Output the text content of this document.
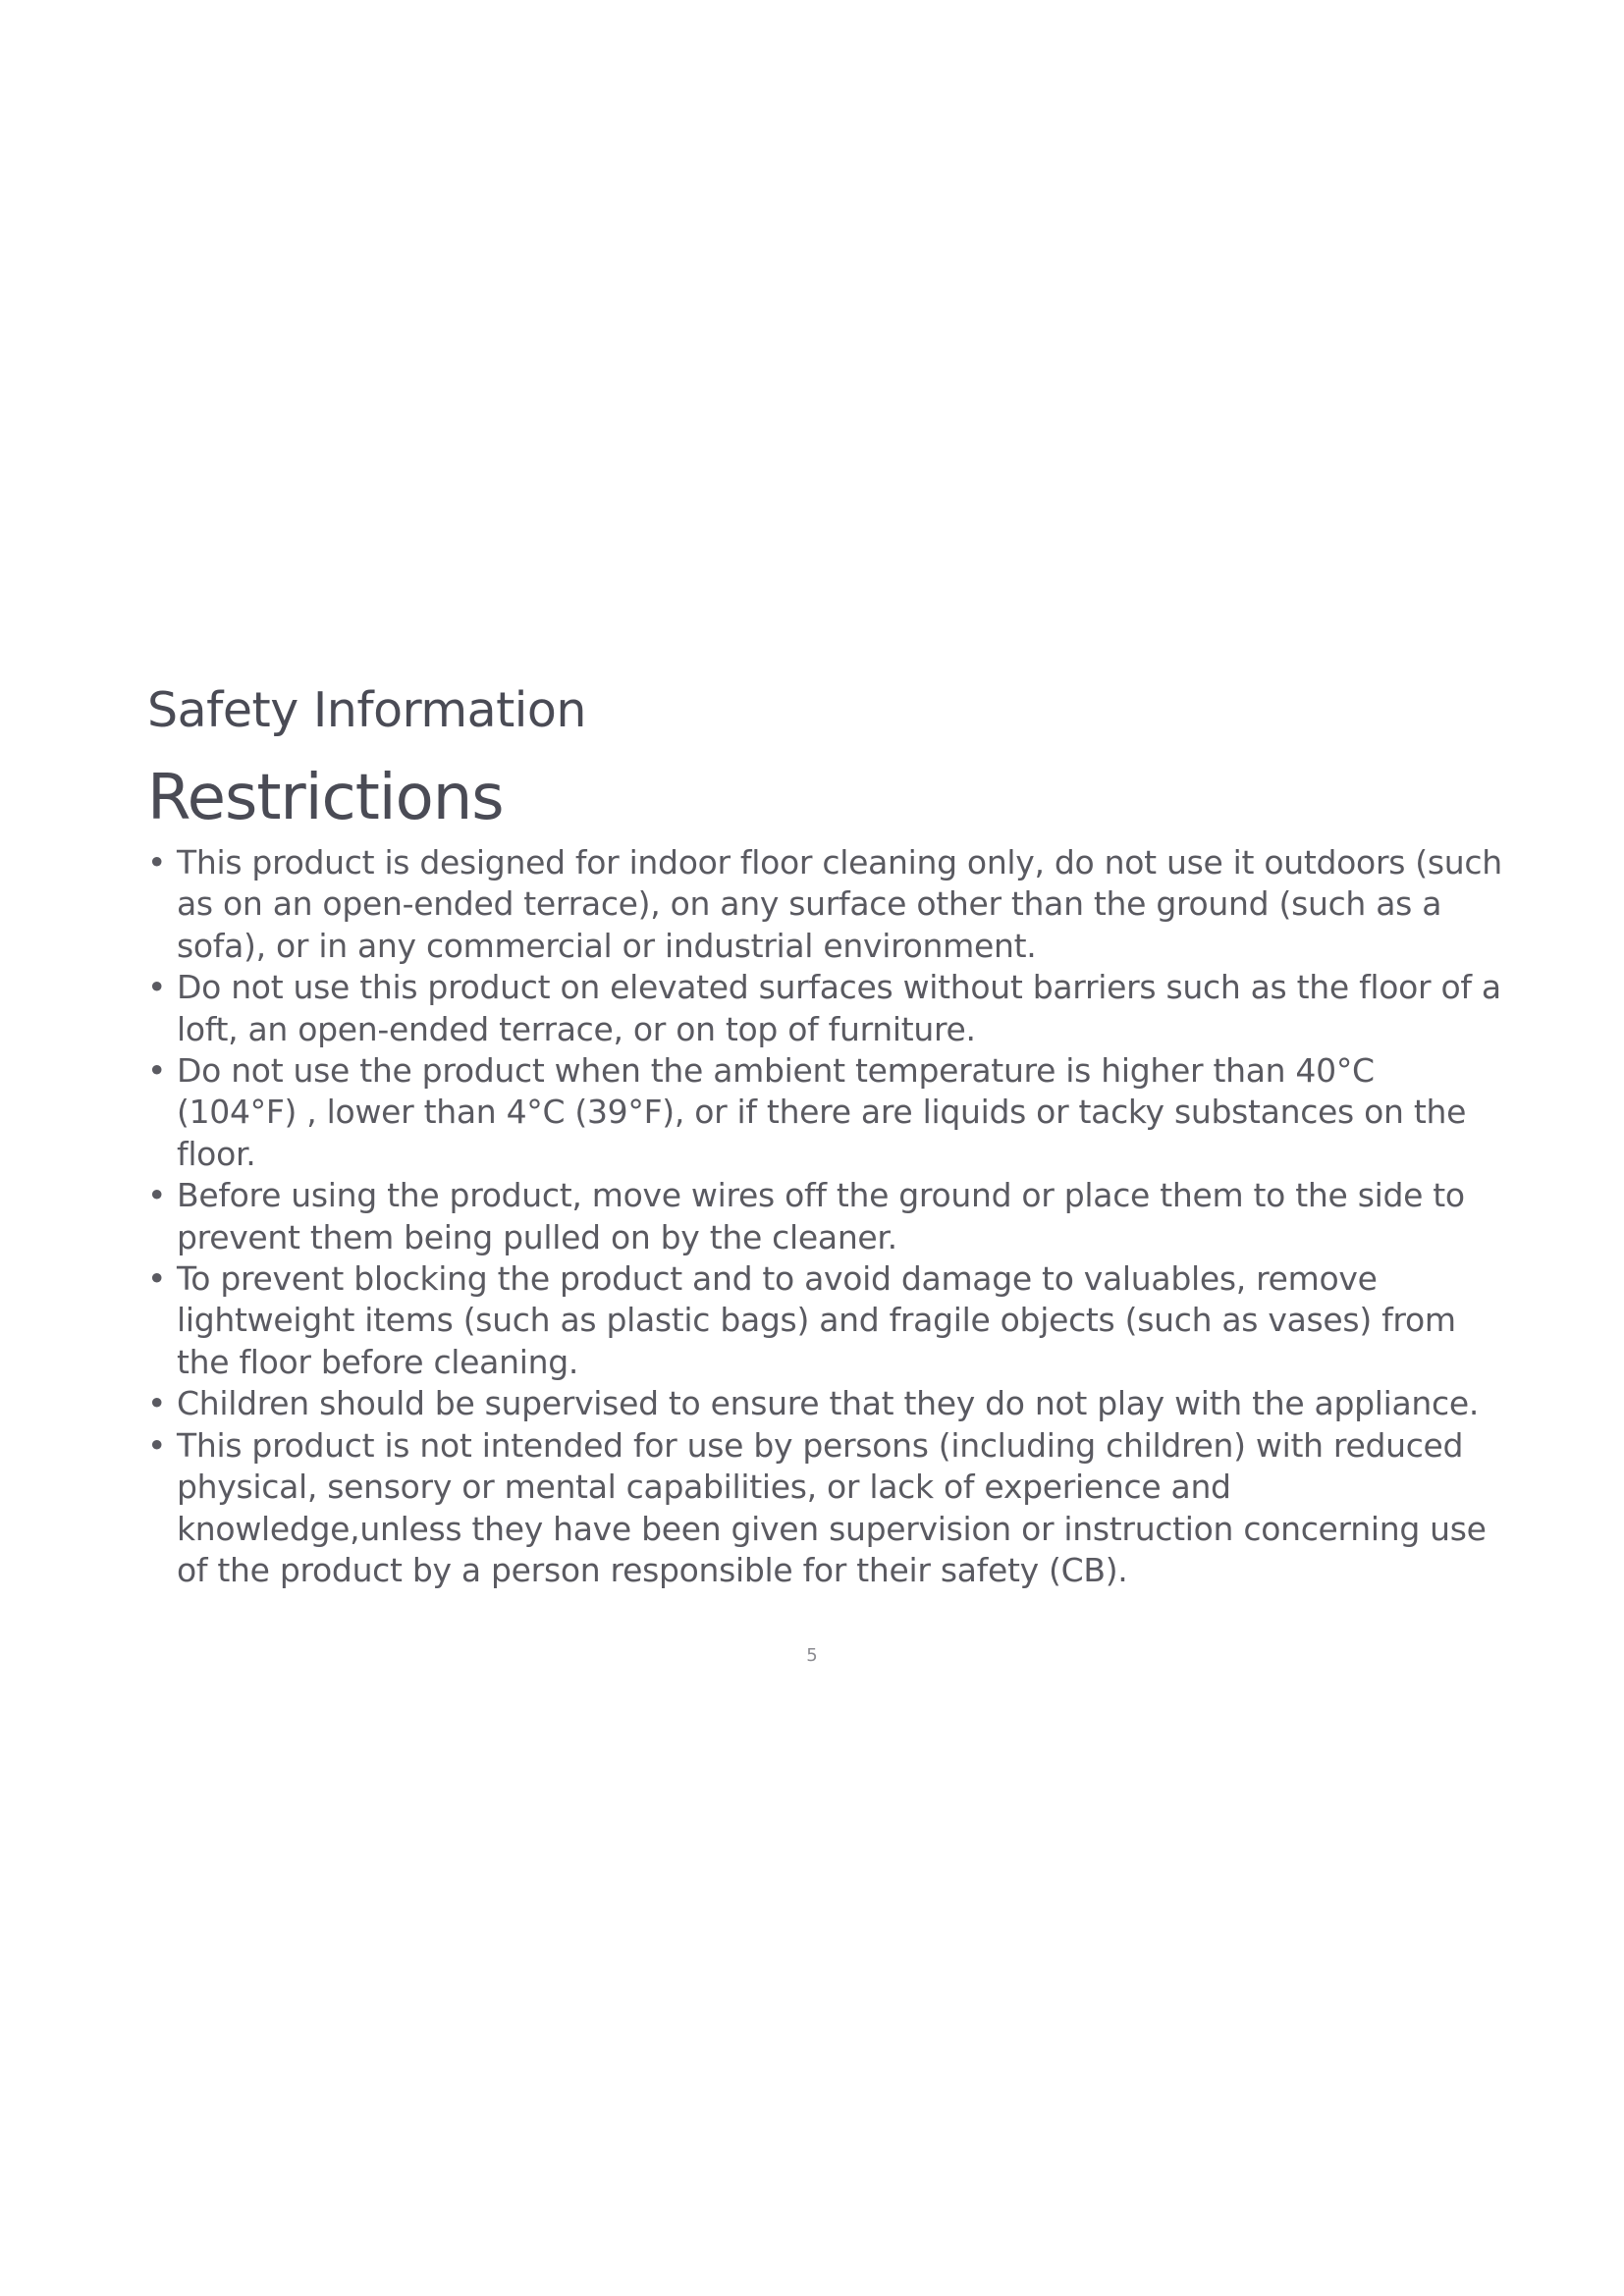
Safety Information
Restrictions
• This product is designed for indoor floor cleaning only, do not use it outdoors (such as on an open-ended terrace), on any surface other than the ground (such as a sofa), or in any commercial or industrial environment.
• Do not use this product on elevated surfaces without barriers such as the floor of a loft, an open-ended terrace, or on top of furniture.
• Do not use the product when the ambient temperature is higher than 40°C (104°F) , lower than 4°C (39°F), or if there are liquids or tacky substances on the floor.
• Before using the product, move wires off the ground or place them to the side to prevent them being pulled on by the cleaner.
• To prevent blocking the product and to avoid damage to valuables, remove lightweight items (such as plastic bags) and fragile objects (such as vases) from the floor before cleaning.
• Children should be supervised to ensure that they do not play with the appliance.
• This product is not intended for use by persons (including children) with reduced physical, sensory or mental capabilities, or lack of experience and knowledge,unless they have been given supervision or instruction concerning use of the product by a person responsible for their safety (CB).
5
